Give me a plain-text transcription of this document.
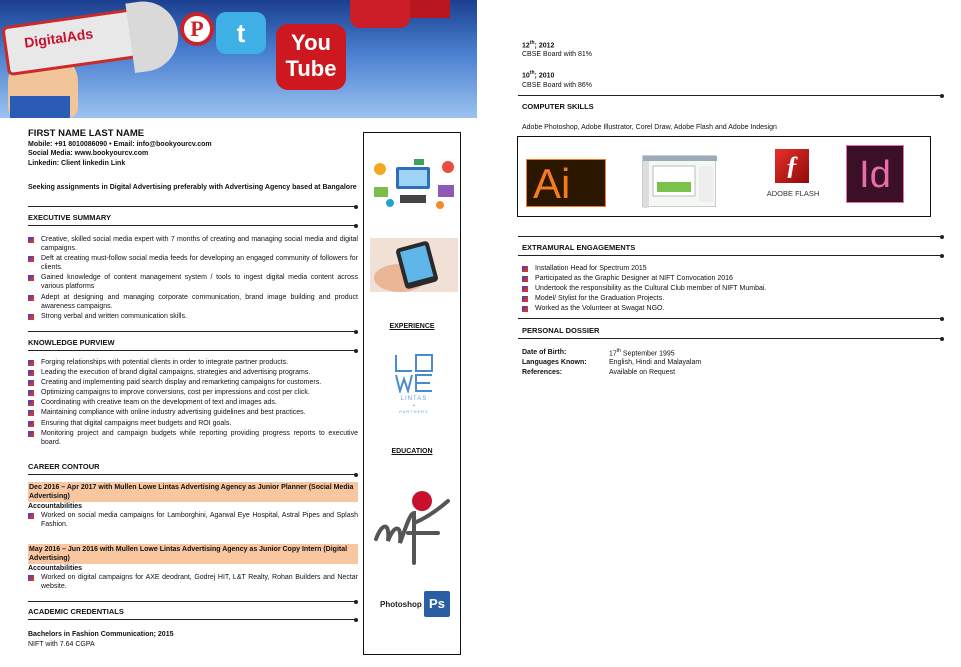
DigitalAds	P	t	You
Tube
FIRST NAME LAST NAME
Mobile: +91 8010086090 • Email: info@bookyourcv.com
Social Media: www.bookyourcv.com
Linkedin: Client linkedin Link
Seeking assignments in Digital Advertising preferably with Advertising Agency based at Bangalore
EXECUTIVE SUMMARY
Creative, skilled social media expert with 7 months of creating and managing social media and digital campaigns.
Deft at creating must-follow social media feeds for developing an engaged community of followers for clients.
Gained knowledge of content management system / tools to ingest digital media content across various platforms
Adept at designing and managing corporate communication, brand image building and product awareness campaigns.
Strong verbal and written communication skills.
KNOWLEDGE PURVIEW
Forging relationships with potential clients in order to integrate partner products.
Leading the execution of brand digital campaigns, strategies and advertising programs.
Creating and implementing paid search display and remarketing campaigns for customers.
Optimizing campaigns to improve conversions, cost per impressions and cost per click.
Coordinating with creative team on the development of text and images ads.
Maintaining compliance with online industry advertising guidelines and best practices.
Ensuring that digital campaigns meet budgets and ROI goals.
Monitoring project and campaign budgets while reporting providing progress reports to executive board.
CAREER CONTOUR
Dec 2016 – Apr 2017 with Mullen Lowe Lintas Advertising Agency as Junior Planner (Social Media Advertising)
Accountabilities
Worked on social media campaigns for Lamborghini, Agarwal Eye Hospital, Astral Pipes and Splash Fashion.
May 2016 – Jun 2016 with Mullen Lowe Lintas Advertising Agency as Junior Copy Intern (Digital Advertising)
Accountabilities
Worked on digital campaigns for AXE deodrant, Godrej HIT, L&T Realty, Rohan Builders and Nectar website.
ACADEMIC CREDENTIALS
Bachelors in Fashion Communication; 2015
NIFT with 7.64 CGPA
EXPERIENCE
LINTAS
+
PARTNERS
EDUCATION
Photoshop Ps
12th; 2012
CBSE Board with 81%
10th; 2010
CBSE Board with 86%
COMPUTER SKILLS
Adobe Photoshop, Adobe Illustrator, Corel Draw, Adobe Flash and Adobe Indesign
Ai	ƒ
ADOBE FLASH	Id
EXTRAMURAL ENGAGEMENTS
Installation Head for Spectrum 2015
Participated as the Graphic Designer at NIFT Convocation 2016
Undertook the responsibility as the Cultural Club member of NIFT Mumbai.
Model/ Stylist for the Graduation Projects.
Worked as the Volunteer at Swagat NGO.
PERSONAL DOSSIER
Date of Birth:	17th September 1995
Languages Known:	English, Hindi and Malayalam
References:	Available on Request
